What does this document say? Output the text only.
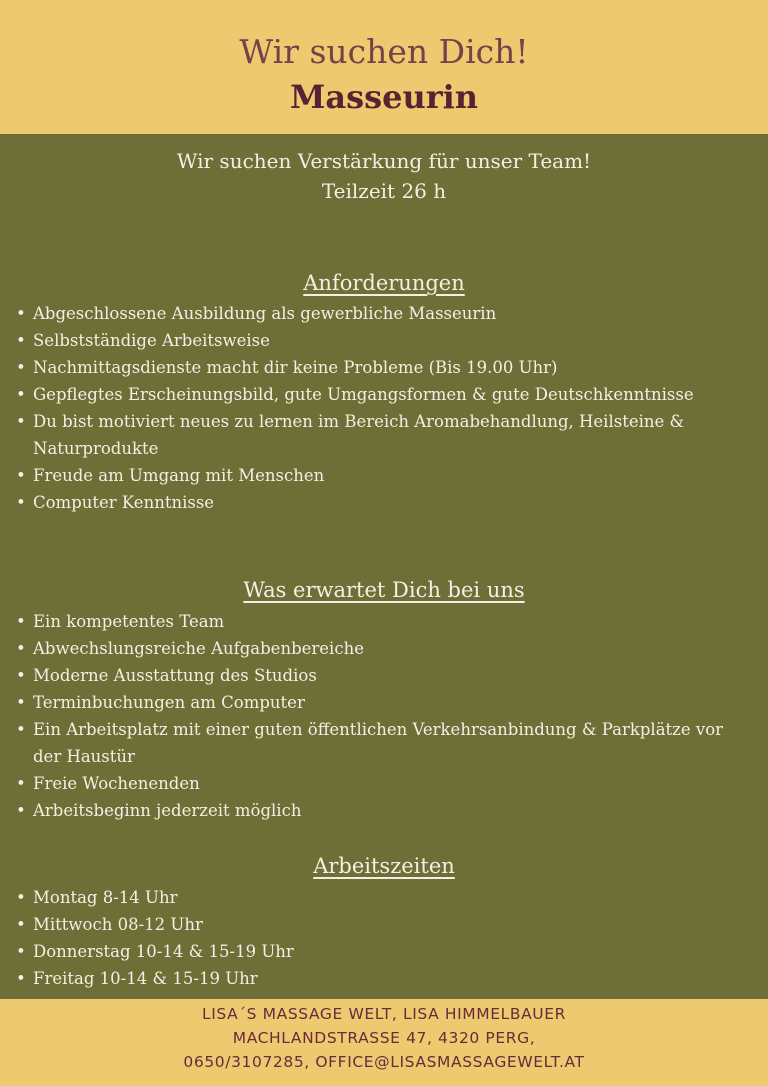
Wir suchen Dich!
Masseurin
Wir suchen Verstärkung für unser Team!
Teilzeit 26 h
Anforderungen
• Abgeschlossene Ausbildung als gewerbliche Masseurin
• Selbstständige Arbeitsweise
• Nachmittagsdienste macht dir keine Probleme (Bis 19.00 Uhr)
• Gepflegtes Erscheinungsbild, gute Umgangsformen & gute Deutschkenntnisse
• Du bist motiviert neues zu lernen im Bereich Aromabehandlung, Heilsteine & Naturprodukte
• Freude am Umgang mit Menschen
• Computer Kenntnisse
Was erwartet Dich bei uns
• Ein kompetentes Team
• Abwechslungsreiche Aufgabenbereiche
• Moderne Ausstattung des Studios
• Terminbuchungen am Computer
• Ein Arbeitsplatz mit einer guten öffentlichen Verkehrsanbindung & Parkplätze vor der Haustür
• Freie Wochenenden
• Arbeitsbeginn jederzeit möglich
Arbeitszeiten
• Montag 8-14 Uhr
• Mittwoch 08-12 Uhr
• Donnerstag 10-14 & 15-19 Uhr
• Freitag 10-14 & 15-19 Uhr
LISA´S MASSAGE WELT, LISA HIMMELBAUER
MACHLANDSTRASSE 47, 4320 PERG,
0650/3107285, OFFICE@LISASMASSAGEWELT.AT
